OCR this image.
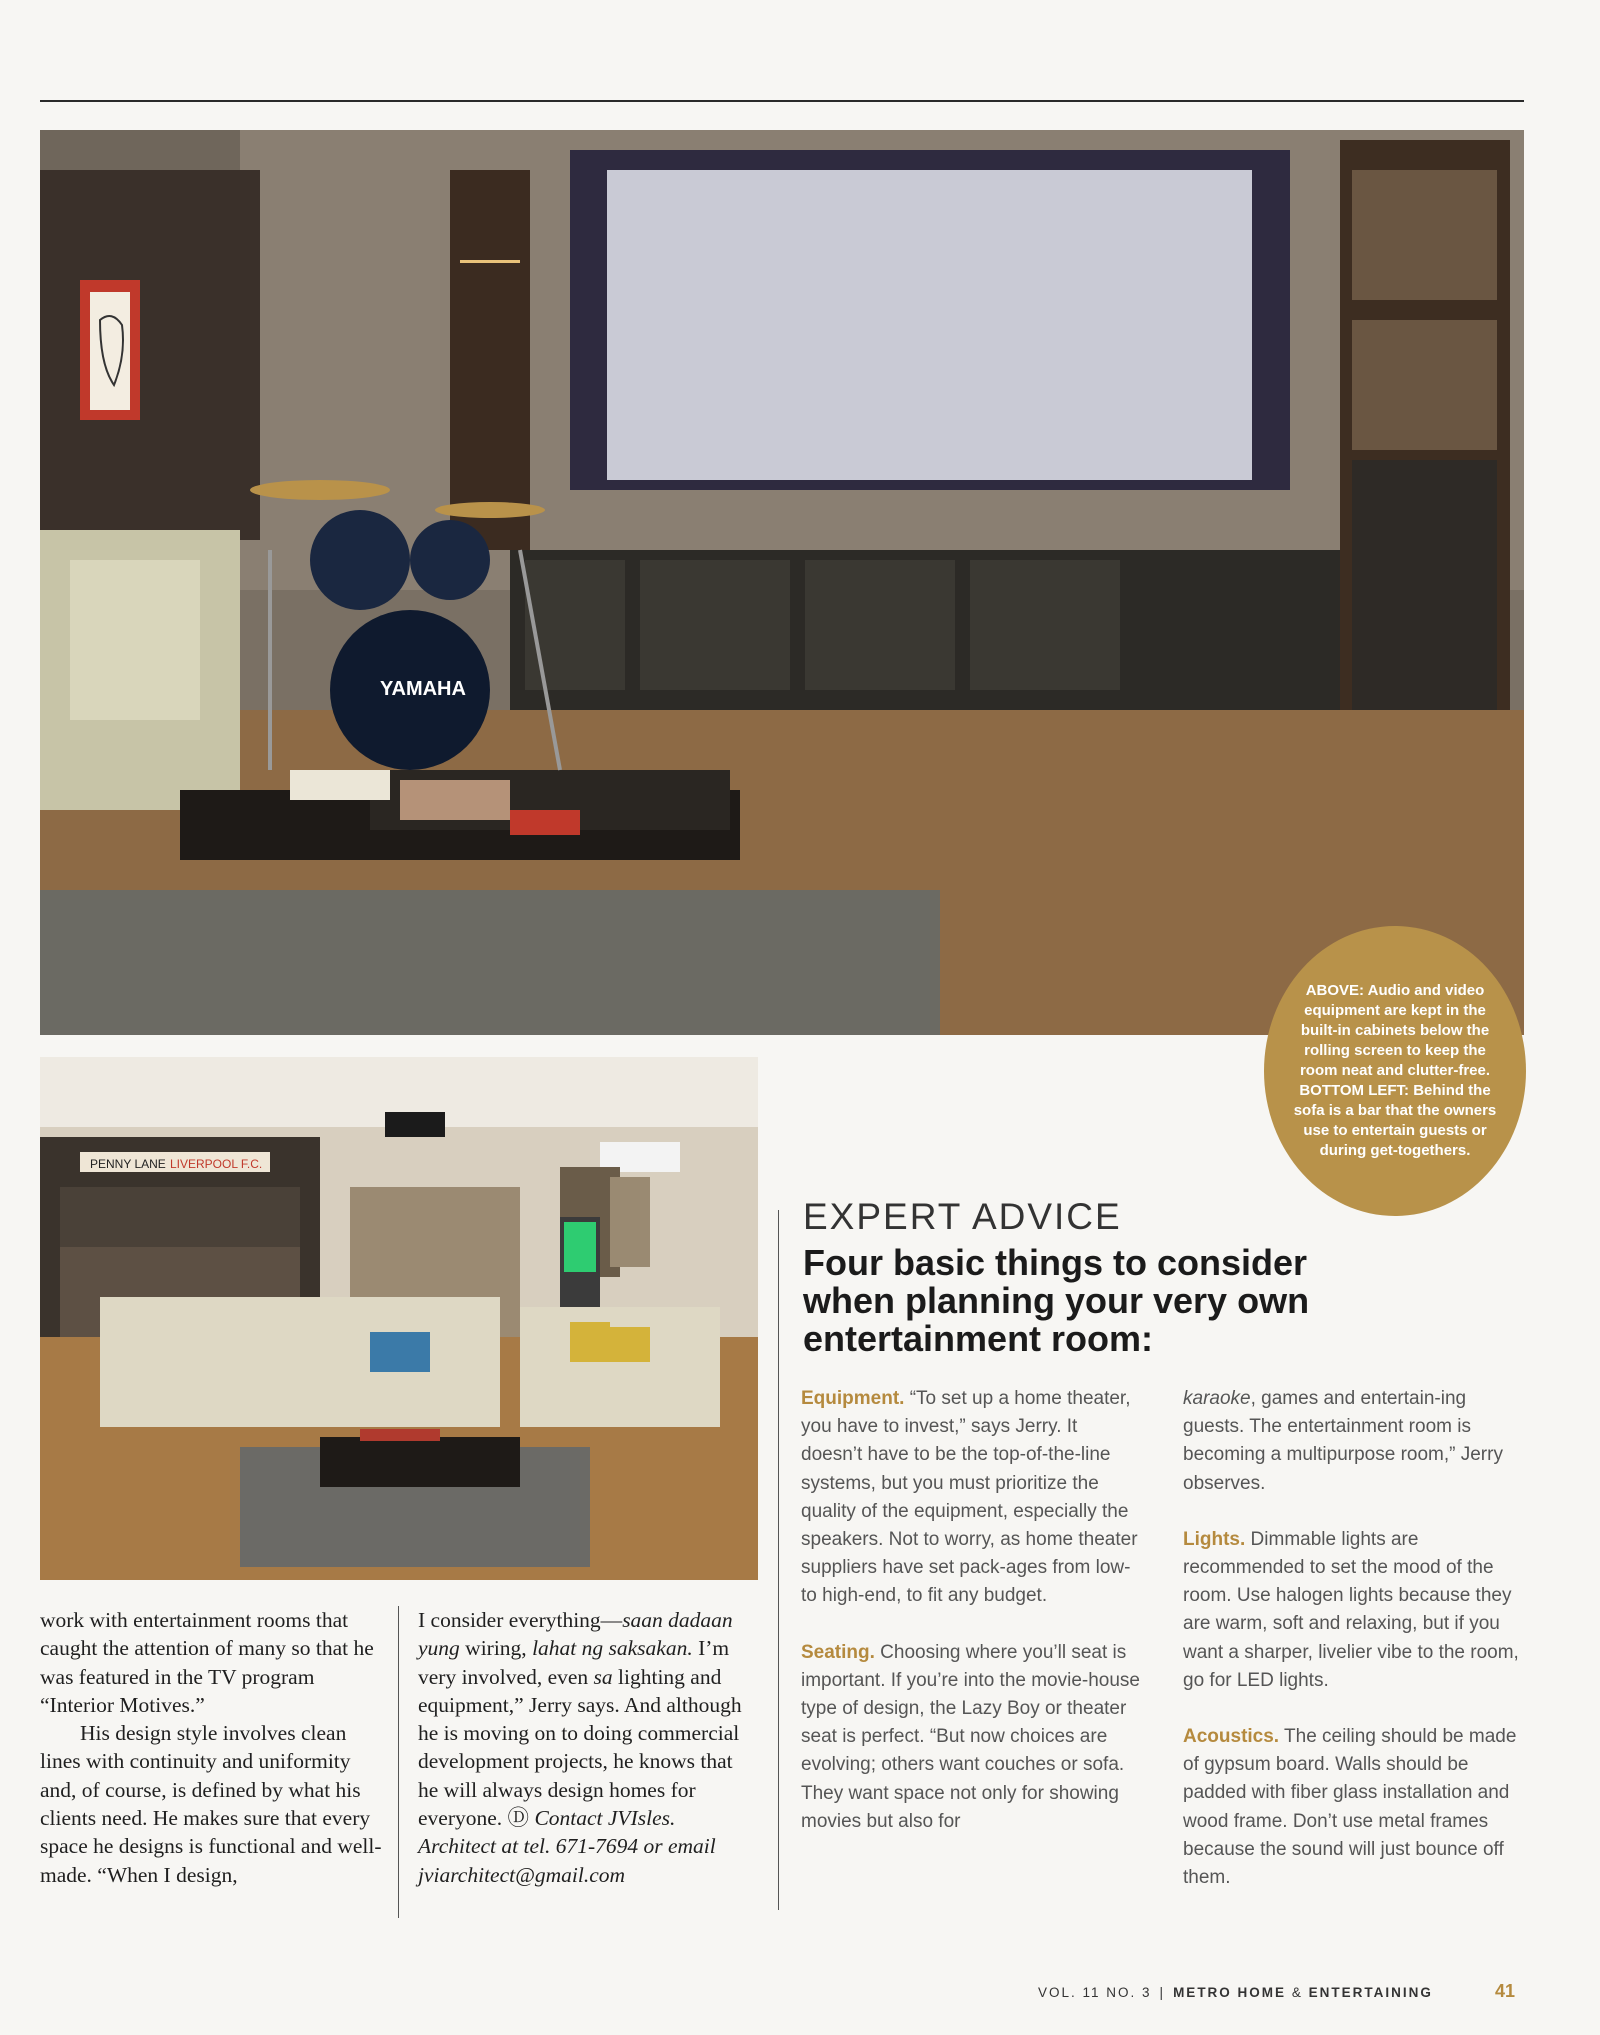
YAMAHA
PENNY LANE LIVERPOOL F.C.
ABOVE: Audio and video equipment are kept in the built-in cabinets below the rolling screen to keep the room neat and clutter-free. BOTTOM LEFT: Behind the sofa is a bar that the owners use to entertain guests or during get-togethers.

work with entertainment rooms that caught the attention of many so that he was featured in the TV program “Interior Motives.”

His design style involves clean lines with continuity and uniformity and, of course, is defined by what his clients need. He makes sure that every space he designs is functional and well-made. “When I design,

I consider everything—saan dadaan yung wiring, lahat ng saksakan. I’m very involved, even sa lighting and equipment,” Jerry says. And although he is moving on to doing commercial development projects, he knows that he will always design homes for everyone. Ⓓ Contact JVIsles. Architect at tel. 671-7694 or email jviarchitect@gmail.com

EXPERT ADVICE
Four basic things to consider when planning your very own entertainment room:

Equipment. “To set up a home theater, you have to invest,” says Jerry. It doesn’t have to be the top-of-the-line systems, but you must prioritize the quality of the equipment, especially the speakers. Not to worry, as home theater suppliers have set pack-ages from low- to high-end, to fit any budget.

Seating. Choosing where you’ll seat is important. If you’re into the movie-house type of design, the Lazy Boy or theater seat is perfect. “But now choices are evolving; others want couches or sofa. They want space not only for showing movies but also for

karaoke, games and entertain-ing guests. The entertainment room is becoming a multipurpose room,” Jerry observes.

Lights. Dimmable lights are recommended to set the mood of the room. Use halogen lights because they are warm, soft and relaxing, but if you want a sharper, livelier vibe to the room, go for LED lights.

Acoustics. The ceiling should be made of gypsum board. Walls should be padded with fiber glass installation and wood frame. Don’t use metal frames because the sound will just bounce off them.

VOL. 11 NO. 3 | METRO HOME & ENTERTAINING	41
